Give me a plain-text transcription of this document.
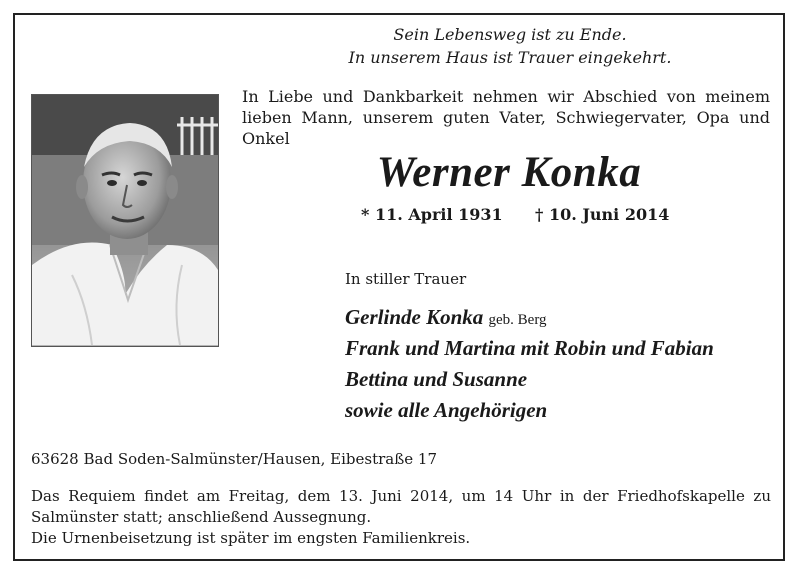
Sein Lebensweg ist zu Ende.
In unserem Haus ist Trauer eingekehrt.
In Liebe und Dankbarkeit nehmen wir Abschied von meinem
lieben Mann, unserem guten Vater, Schwiegervater, Opa und Onkel
Werner Konka
* 11. April 1931 † 10. Juni 2014
In stiller Trauer
Gerlinde Konka geb. Berg
Frank und Martina mit Robin und Fabian
Bettina und Susanne
sowie alle Angehörigen
63628 Bad Soden-Salmünster/Hausen, Eibestraße 17
Das Requiem findet am Freitag, dem 13. Juni 2014, um 14 Uhr in der Friedhofskapelle zu
Salmünster statt; anschließend Aussegnung.
Die Urnenbeisetzung ist später im engsten Familienkreis.
